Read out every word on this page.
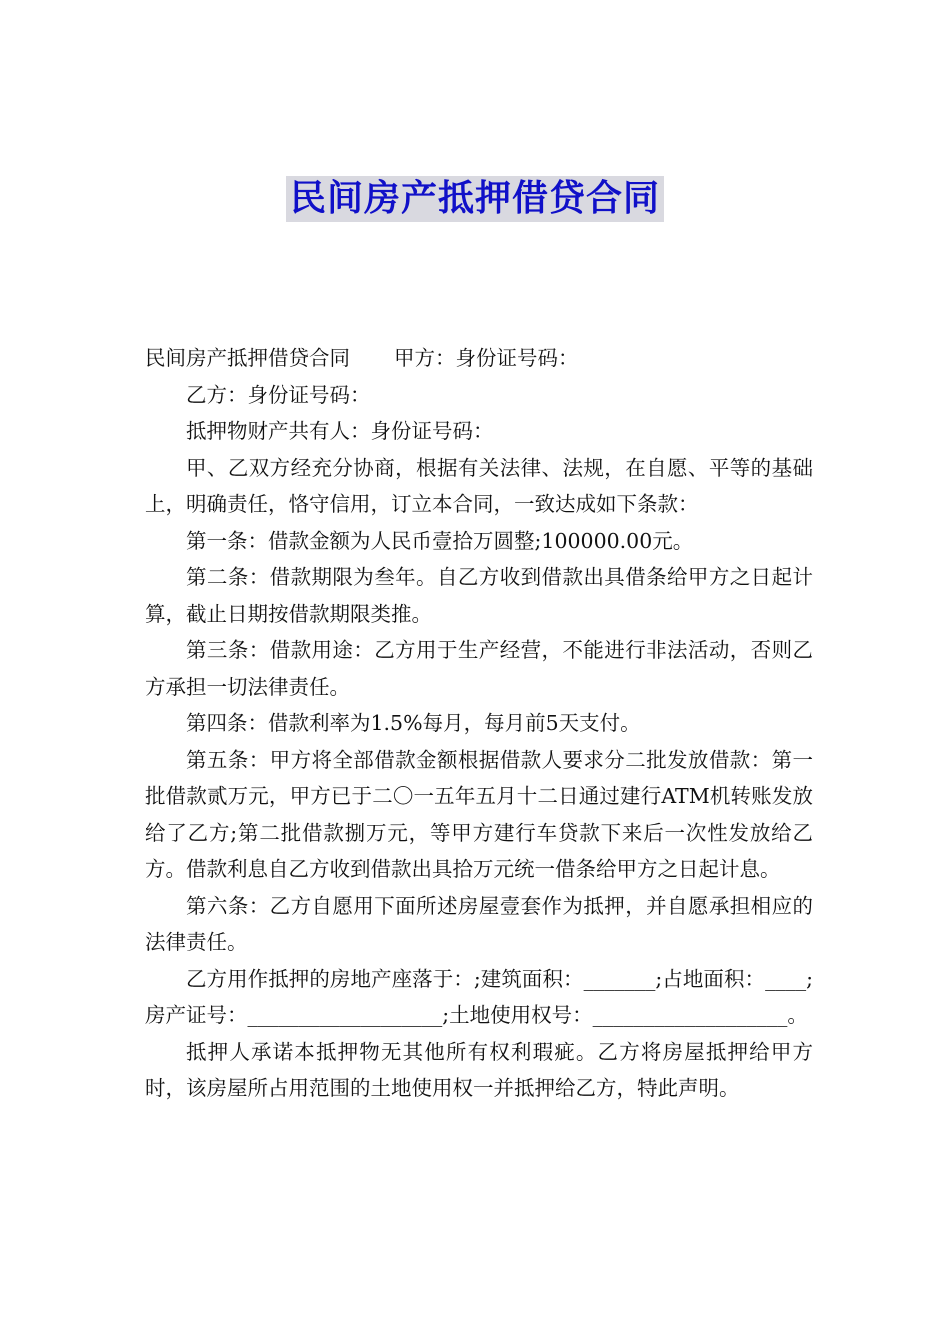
民间房产抵押借贷合同

民间房产抵押借贷合同 甲方：身份证号码：

乙方：身份证号码：

抵押物财产共有人：身份证号码：

甲、乙双方经充分协商，根据有关法律、法规，在自愿、平等的基础上，明确责任，恪守信用，订立本合同，一致达成如下条款：

第一条：借款金额为人民币壹拾万圆整;100000.00元。

第二条：借款期限为叁年。自乙方收到借款出具借条给甲方之日起计算，截止日期按借款期限类推。

第三条：借款用途：乙方用于生产经营，不能进行非法活动，否则乙方承担一切法律责任。

第四条：借款利率为1.5%每月，每月前5天支付。

第五条：甲方将全部借款金额根据借款人要求分二批发放借款：第一批借款贰万元，甲方已于二〇一五年五月十二日通过建行ATM机转账发放给了乙方;第二批借款捌万元，等甲方建行车贷款下来后一次性发放给乙方。借款利息自乙方收到借款出具拾万元统一借条给甲方之日起计息。

第六条：乙方自愿用下面所述房屋壹套作为抵押，并自愿承担相应的法律责任。

乙方用作抵押的房地产座落于：;建筑面积：_______;占地面积：____;房产证号：___________________;土地使用权号：___________________。

抵押人承诺本抵押物无其他所有权利瑕疵。乙方将房屋抵押给甲方时，该房屋所占用范围的土地使用权一并抵押给乙方，特此声明。
